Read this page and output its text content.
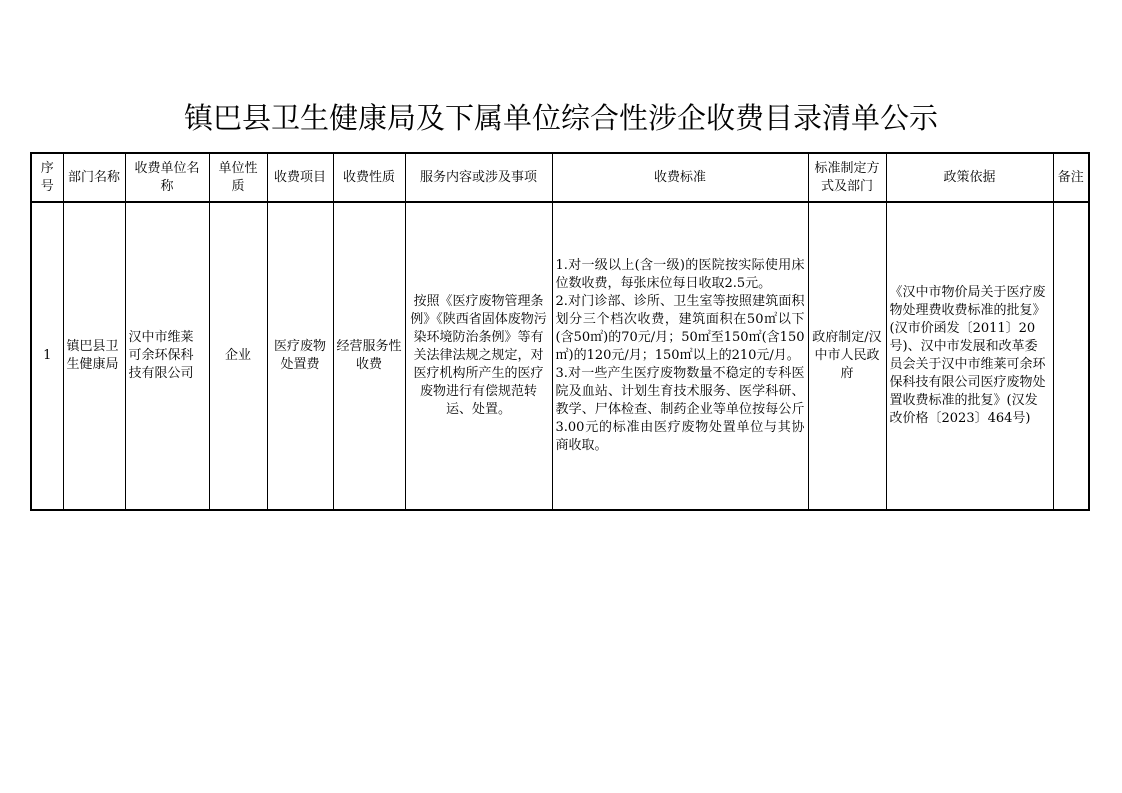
镇巴县卫生健康局及下属单位综合性涉企收费目录清单公示
序号	部门名称	收费单位名称	单位性质	收费项目	收费性质	服务内容或涉及事项	收费标准	标准制定方式及部门	政策依据	备注
1	镇巴县卫生健康局	汉中市维莱可余环保科技有限公司	企业	医疗废物处置费	经营服务性收费	按照《医疗废物管理条例》《陕西省固体废物污染环境防治条例》等有关法律法规之规定，对医疗机构所产生的医疗废物进行有偿规范转运、处置。	1.对一级以上(含一级)的医院按实际使用床位数收费，每张床位每日收取2.5元。
2.对门诊部、诊所、卫生室等按照建筑面积划分三个档次收费，建筑面积在50㎡以下(含50㎡)的70元/月；50㎡至150㎡(含150㎡)的120元/月；150㎡以上的210元/月。
3.对一些产生医疗废物数量不稳定的专科医院及血站、计划生育技术服务、医学科研、教学、尸体检查、制药企业等单位按每公斤3.00元的标准由医疗废物处置单位与其协商收取。	政府制定/汉中市人民政府	《汉中市物价局关于医疗废物处理费收费标准的批复》(汉市价函发〔2011〕20号)、汉中市发展和改革委员会关于汉中市维莱可余环保科技有限公司医疗废物处置收费标准的批复》(汉发改价格〔2023〕464号)	
